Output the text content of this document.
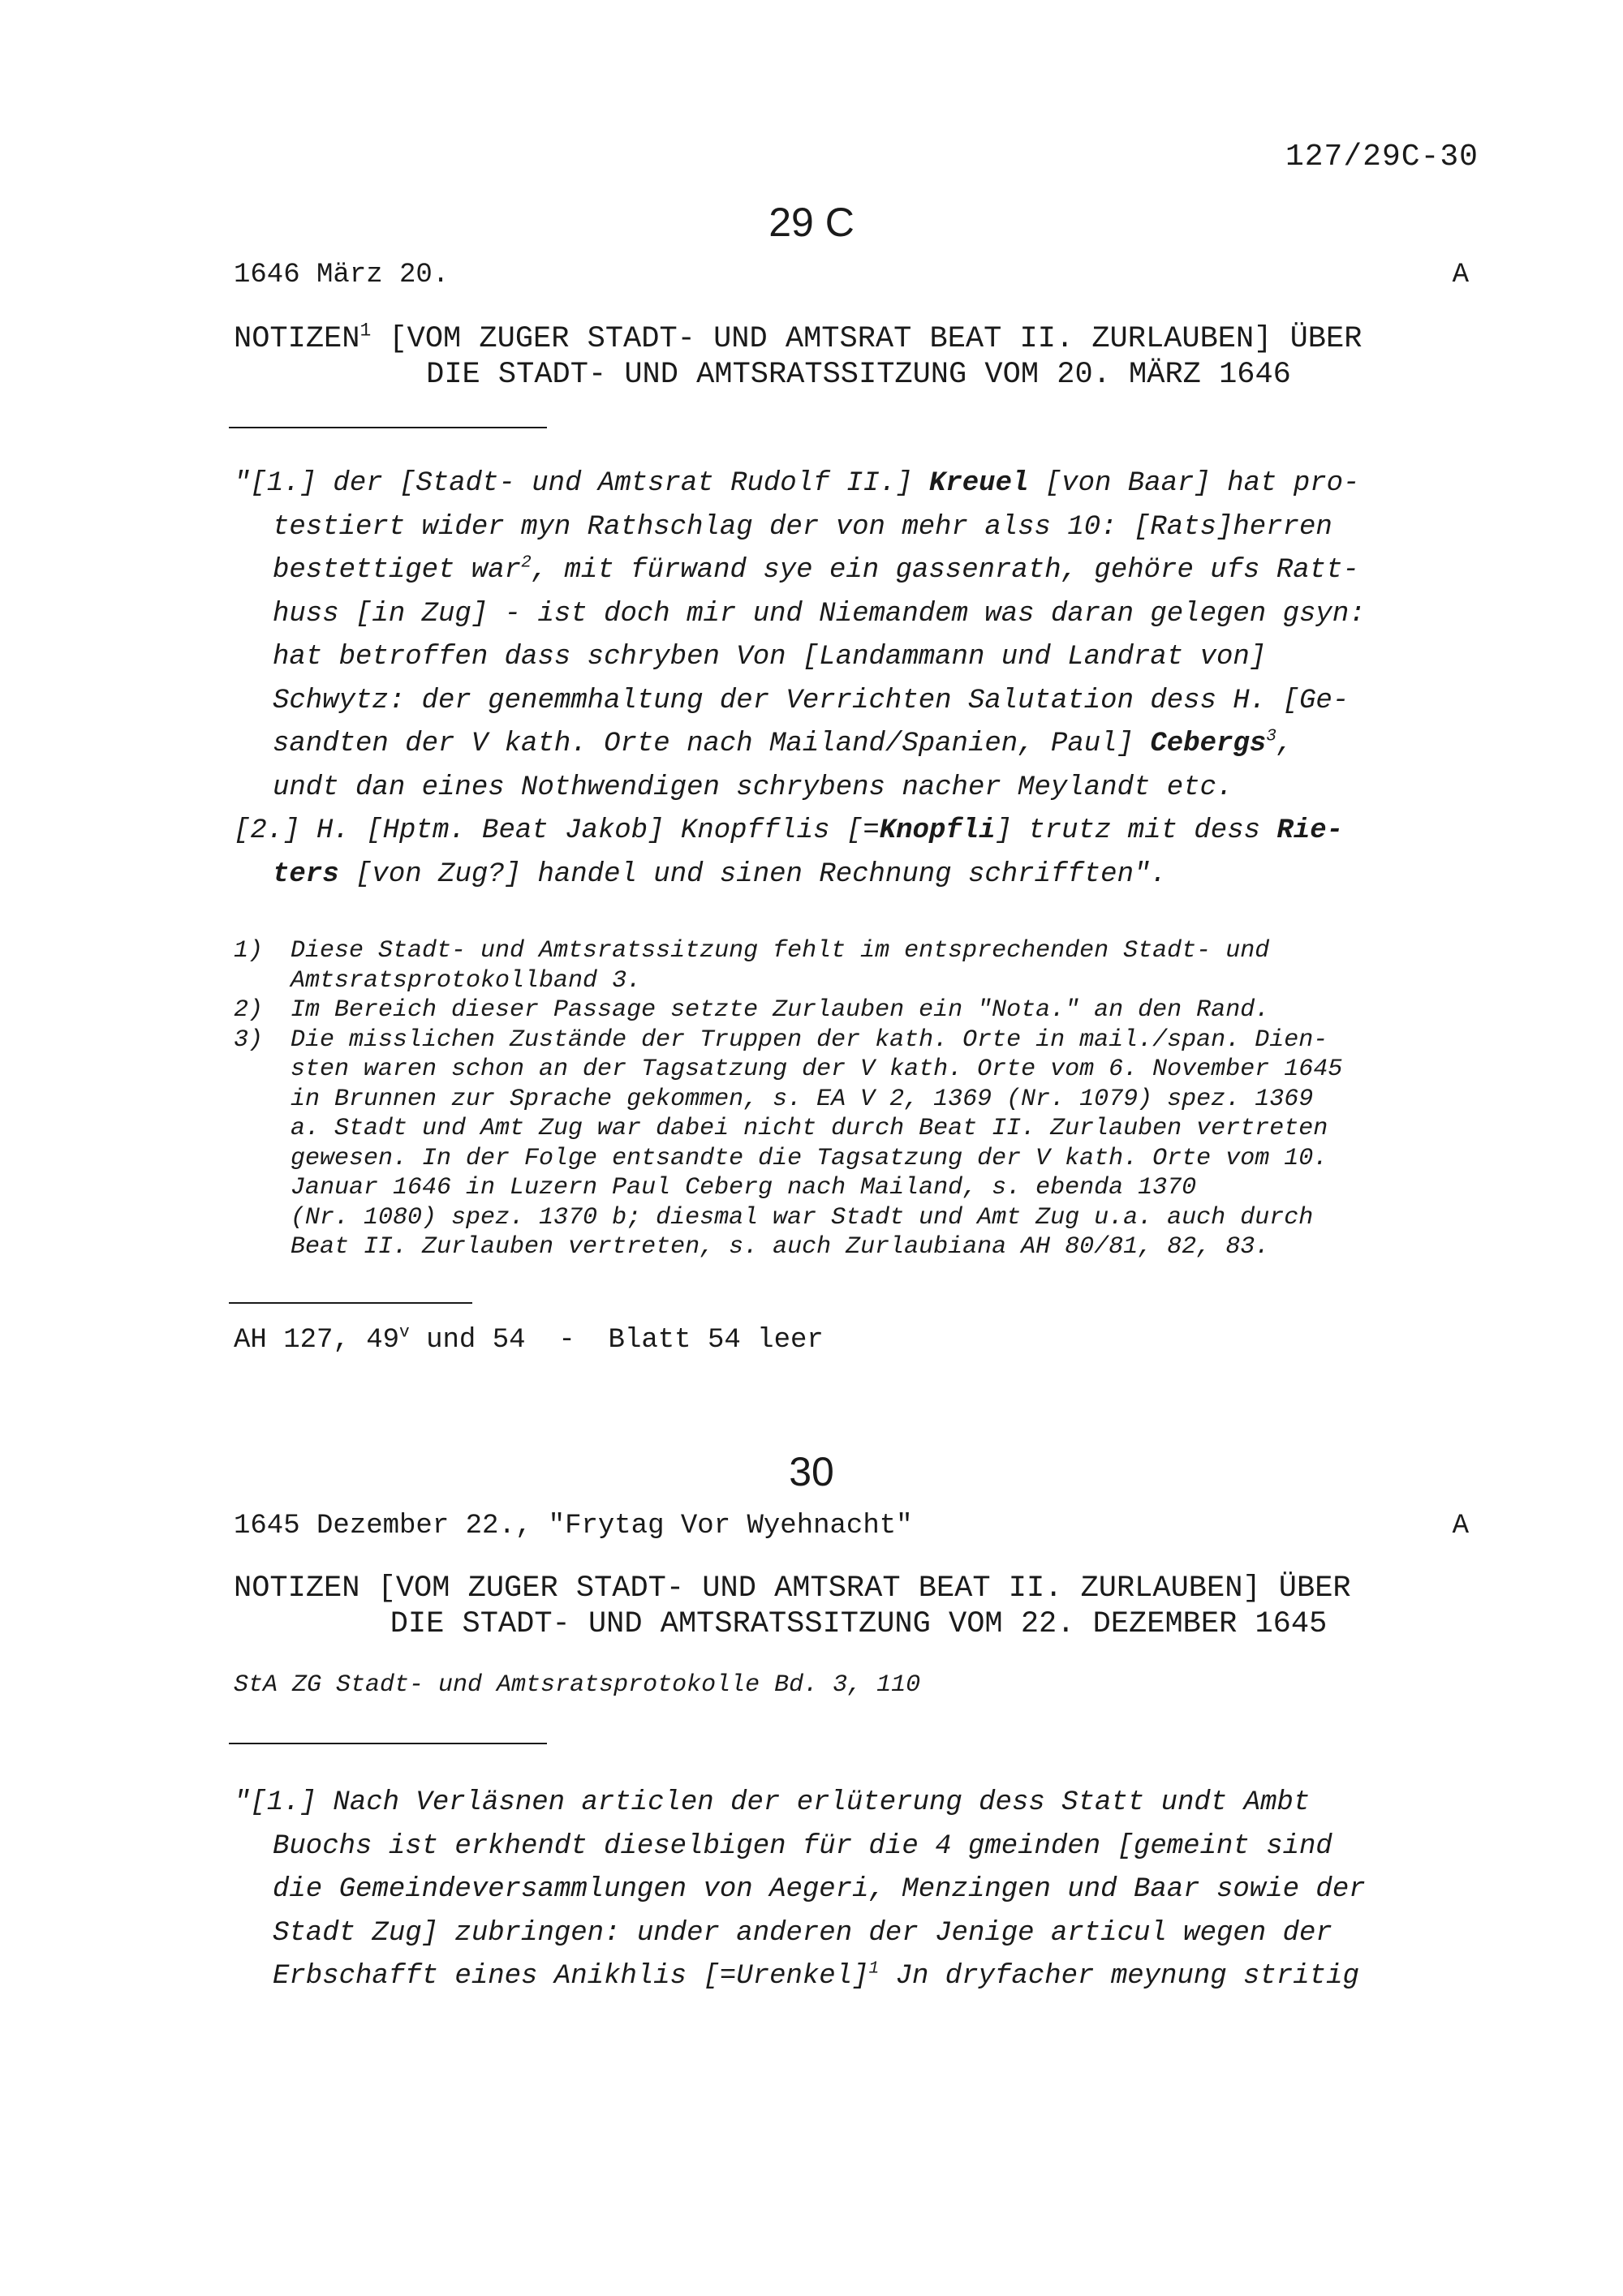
127/29C-30
29 C
1646 März 20.	A
NOTIZEN$^1$ [VOM ZUGER STADT- UND AMTSRAT BEAT II. ZURLAUBEN] ÜBER
DIE STADT- UND AMTSRATSSITZUNG VOM 20. MÄRZ 1646
"[1.] der [Stadt- und Amtsrat Rudolf II.] Kreuel [von Baar] hat pro-
testiert wider myn Rathschlag der von mehr alss 10: [Rats]herren
bestettiget war$^2$, mit fürwand sye ein gassenrath, gehöre ufs Ratt-
huss [in Zug] - ist doch mir und Niemandem was daran gelegen gsyn:
hat betroffen dass schryben Von [Landammann und Landrat von]
Schwytz: der genemmhaltung der Verrichten Salutation dess H. [Ge-
sandten der V kath. Orte nach Mailand/Spanien, Paul] Cebergs$^3$,
undt dan eines Nothwendigen schrybens nacher Meylandt etc.
[2.] H. [Hptm. Beat Jakob] Knopfflis [=Knopfli] trutz mit dess Rie-
ters [von Zug?] handel und sinen Rechnung schrifften".
1)	Diese Stadt- und Amtsratssitzung fehlt im entsprechenden Stadt- und
Amtsratsprotokollband 3.
2)	Im Bereich dieser Passage setzte Zurlauben ein "Nota." an den Rand.
3)	Die misslichen Zustände der Truppen der kath. Orte in mail./span. Dien-
sten waren schon an der Tagsatzung der V kath. Orte vom 6. November 1645
in Brunnen zur Sprache gekommen, s. EA V 2, 1369 (Nr. 1079) spez. 1369
a. Stadt und Amt Zug war dabei nicht durch Beat II. Zurlauben vertreten
gewesen. In der Folge entsandte die Tagsatzung der V kath. Orte vom 10.
Januar 1646 in Luzern Paul Ceberg nach Mailand, s. ebenda 1370
(Nr. 1080) spez. 1370 b; diesmal war Stadt und Amt Zug u.a. auch durch
Beat II. Zurlauben vertreten, s. auch Zurlaubiana AH 80/81, 82, 83.
AH 127, 49$^v$ und 54  -  Blatt 54 leer
30
1645 Dezember 22., "Frytag Vor Wyehnacht"	A
NOTIZEN [VOM ZUGER STADT- UND AMTSRAT BEAT II. ZURLAUBEN] ÜBER
DIE STADT- UND AMTSRATSSITZUNG VOM 22. DEZEMBER 1645
StA ZG Stadt- und Amtsratsprotokolle Bd. 3, 110
"[1.] Nach Verläsnen articlen der erlüterung dess Statt undt Ambt
Buochs ist erkhendt dieselbigen für die 4 gmeinden [gemeint sind
die Gemeindeversammlungen von Aegeri, Menzingen und Baar sowie der
Stadt Zug] zubringen: under anderen der Jenige articul wegen der
Erbschafft eines Anikhlis [=Urenkel]$^1$ Jn dryfacher meynung stritig
